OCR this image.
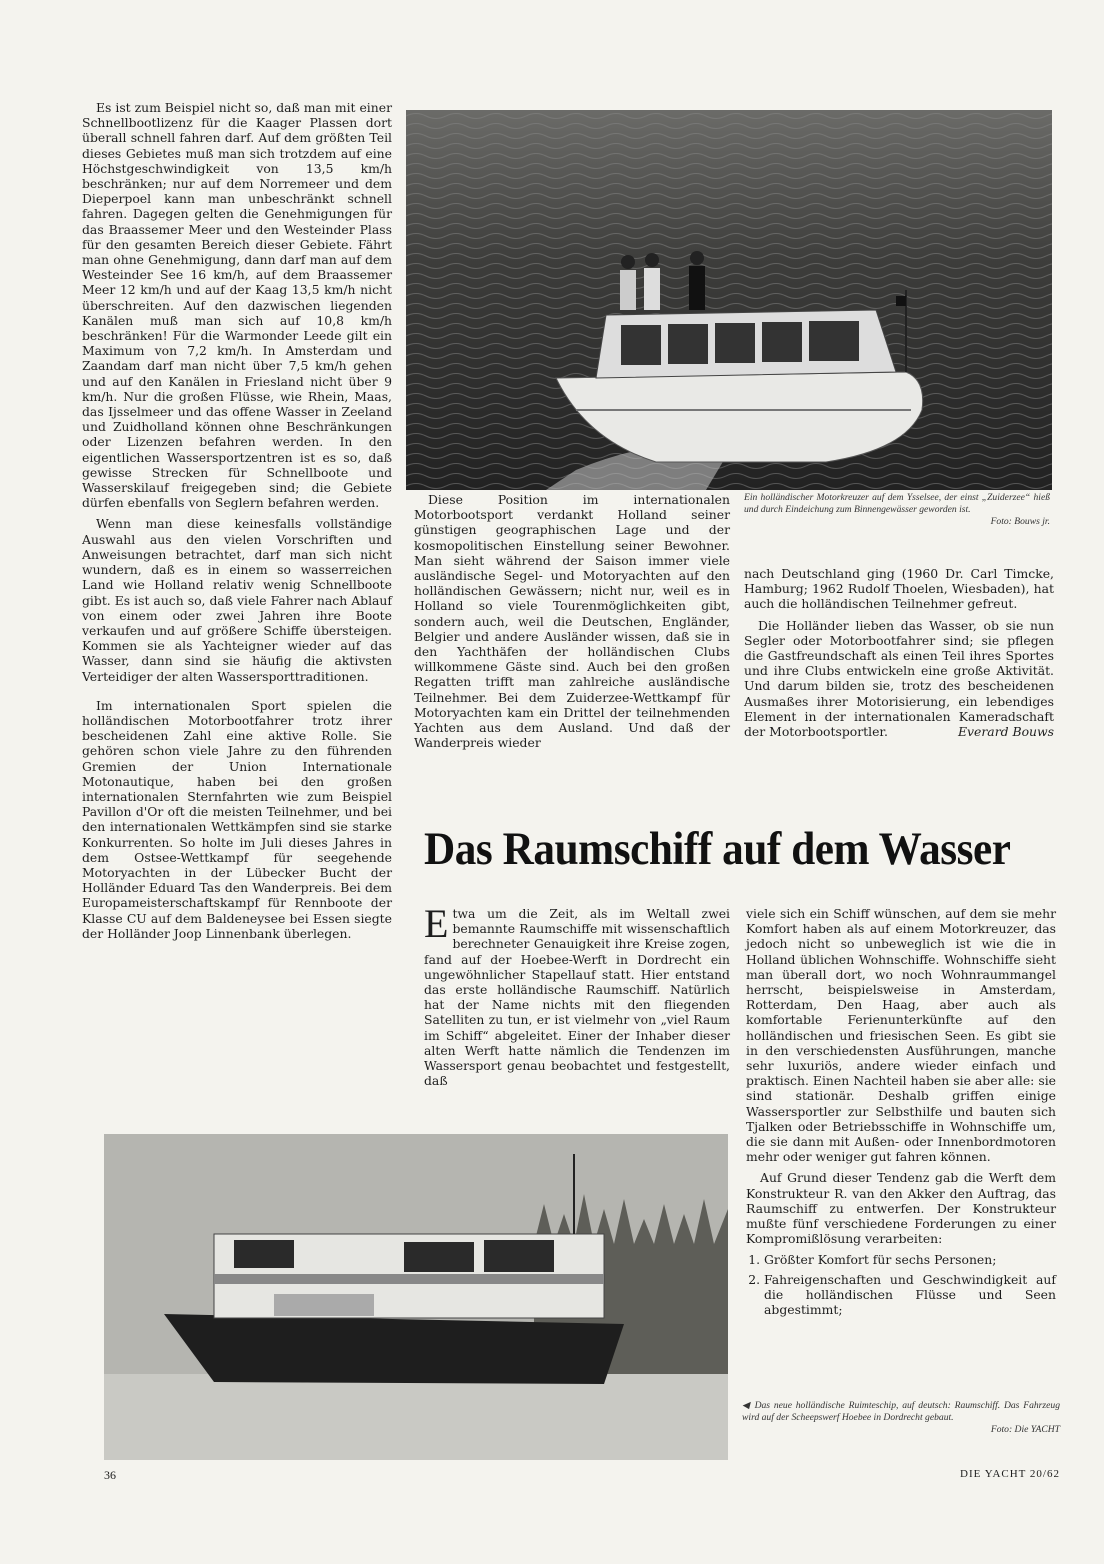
Ein holländischer Motorkreuzer auf dem Ysselsee, der einst „Zuiderzee“ hieß und durch Eindeichung zum Binnengewässer geworden ist.
Foto: Bouws jr.

Es ist zum Beispiel nicht so, daß man mit einer Schnellbootlizenz für die Kaager Plassen dort überall schnell fahren darf. Auf dem größten Teil dieses Gebietes muß man sich trotzdem auf eine Höchstgeschwindigkeit von 13,5 km/h beschränken; nur auf dem Norremeer und dem Dieperpoel kann man unbeschränkt schnell fahren. Dagegen gelten die Genehmigungen für das Braassemer Meer und den Westeinder Plass für den gesamten Bereich dieser Gebiete. Fährt man ohne Genehmigung, dann darf man auf dem Westeinder See 16 km/h, auf dem Braassemer Meer 12 km/h und auf der Kaag 13,5 km/h nicht überschreiten. Auf den dazwischen liegenden Kanälen muß man sich auf 10,8 km/h beschränken! Für die Warmonder Leede gilt ein Maximum von 7,2 km/h. In Amsterdam und Zaandam darf man nicht über 7,5 km/h gehen und auf den Kanälen in Friesland nicht über 9 km/h. Nur die großen Flüsse, wie Rhein, Maas, das Ijsselmeer und das offene Wasser in Zeeland und Zuidholland können ohne Beschränkungen oder Lizenzen befahren werden. In den eigentlichen Wassersportzentren ist es so, daß gewisse Strecken für Schnellboote und Wasserskilauf freigegeben sind; die Gebiete dürfen ebenfalls von Seglern befahren werden.

Wenn man diese keinesfalls vollständige Auswahl aus den vielen Vorschriften und Anweisungen betrachtet, darf man sich nicht wundern, daß es in einem so wasserreichen Land wie Holland relativ wenig Schnellboote gibt. Es ist auch so, daß viele Fahrer nach Ablauf von einem oder zwei Jahren ihre Boote verkaufen und auf größere Schiffe übersteigen. Kommen sie als Yachteigner wieder auf das Wasser, dann sind sie häufig die aktivsten Verteidiger der alten Wassersporttraditionen.

Im internationalen Sport spielen die holländischen Motorbootfahrer trotz ihrer bescheidenen Zahl eine aktive Rolle. Sie gehören schon viele Jahre zu den führenden Gremien der Union Internationale Motonautique, haben bei den großen internationalen Sternfahrten wie zum Beispiel Pavillon d'Or oft die meisten Teilnehmer, und bei den internationalen Wettkämpfen sind sie starke Konkurrenten. So holte im Juli dieses Jahres in dem Ostsee-Wettkampf für seegehende Motoryachten in der Lübecker Bucht der Holländer Eduard Tas den Wanderpreis. Bei dem Europameisterschaftskampf für Rennboote der Klasse CU auf dem Baldeneysee bei Essen siegte der Holländer Joop Linnenbank überlegen.

Diese Position im internationalen Motorbootsport verdankt Holland seiner günstigen geographischen Lage und der kosmopolitischen Einstellung seiner Bewohner. Man sieht während der Saison immer viele ausländische Segel- und Motoryachten auf den holländischen Gewässern; nicht nur, weil es in Holland so viele Tourenmöglichkeiten gibt, sondern auch, weil die Deutschen, Engländer, Belgier und andere Ausländer wissen, daß sie in den Yachthäfen der holländischen Clubs willkommene Gäste sind. Auch bei den großen Regatten trifft man zahlreiche ausländische Teilnehmer. Bei dem Zuiderzee-Wettkampf für Motoryachten kam ein Drittel der teilnehmenden Yachten aus dem Ausland. Und daß der Wanderpreis wieder

nach Deutschland ging (1960 Dr. Carl Timcke, Hamburg; 1962 Rudolf Thoelen, Wiesbaden), hat auch die holländischen Teilnehmer gefreut.

Die Holländer lieben das Wasser, ob sie nun Segler oder Motorbootfahrer sind; sie pflegen die Gastfreundschaft als einen Teil ihres Sportes und ihre Clubs entwickeln eine große Aktivität. Und darum bilden sie, trotz des bescheidenen Ausmaßes ihrer Motorisierung, ein lebendiges Element in der internationalen Kameradschaft der Motorbootsportler.	Everard Bouws

Das Raumschiff auf dem Wasser

Etwa um die Zeit, als im Weltall zwei bemannte Raumschiffe mit wissenschaftlich berechneter Genauigkeit ihre Kreise zogen, fand auf der Hoebee-Werft in Dordrecht ein ungewöhnlicher Stapellauf statt. Hier entstand das erste holländische Raumschiff. Natürlich hat der Name nichts mit den fliegenden Satelliten zu tun, er ist vielmehr von „viel Raum im Schiff“ abgeleitet. Einer der Inhaber dieser alten Werft hatte nämlich die Tendenzen im Wassersport genau beobachtet und festgestellt, daß

viele sich ein Schiff wünschen, auf dem sie mehr Komfort haben als auf einem Motorkreuzer, das jedoch nicht so unbeweglich ist wie die in Holland üblichen Wohnschiffe. Wohnschiffe sieht man überall dort, wo noch Wohnraummangel herrscht, beispielsweise in Amsterdam, Rotterdam, Den Haag, aber auch als komfortable Ferienunterkünfte auf den holländischen und friesischen Seen. Es gibt sie in den verschiedensten Ausführungen, manche sehr luxuriös, andere wieder einfach und praktisch. Einen Nachteil haben sie aber alle: sie sind stationär. Deshalb griffen einige Wassersportler zur Selbsthilfe und bauten sich Tjalken oder Betriebsschiffe in Wohnschiffe um, die sie dann mit Außen- oder Innenbordmotoren mehr oder weniger gut fahren können.

Auf Grund dieser Tendenz gab die Werft dem Konstrukteur R. van den Akker den Auftrag, das Raumschiff zu entwerfen. Der Konstrukteur mußte fünf verschiedene Forderungen zu einer Kompromißlösung verarbeiten:

1. Größter Komfort für sechs Personen;
2. Fahreigenschaften und Geschwindigkeit auf die holländischen Flüsse und Seen abgestimmt;
◀ Das neue holländische Ruimteschip, auf deutsch: Raumschiff. Das Fahrzeug wird auf der Scheepswerf Hoebee in Dordrecht gebaut.
Foto: Die YACHT
36	DIE YACHT 20/62
